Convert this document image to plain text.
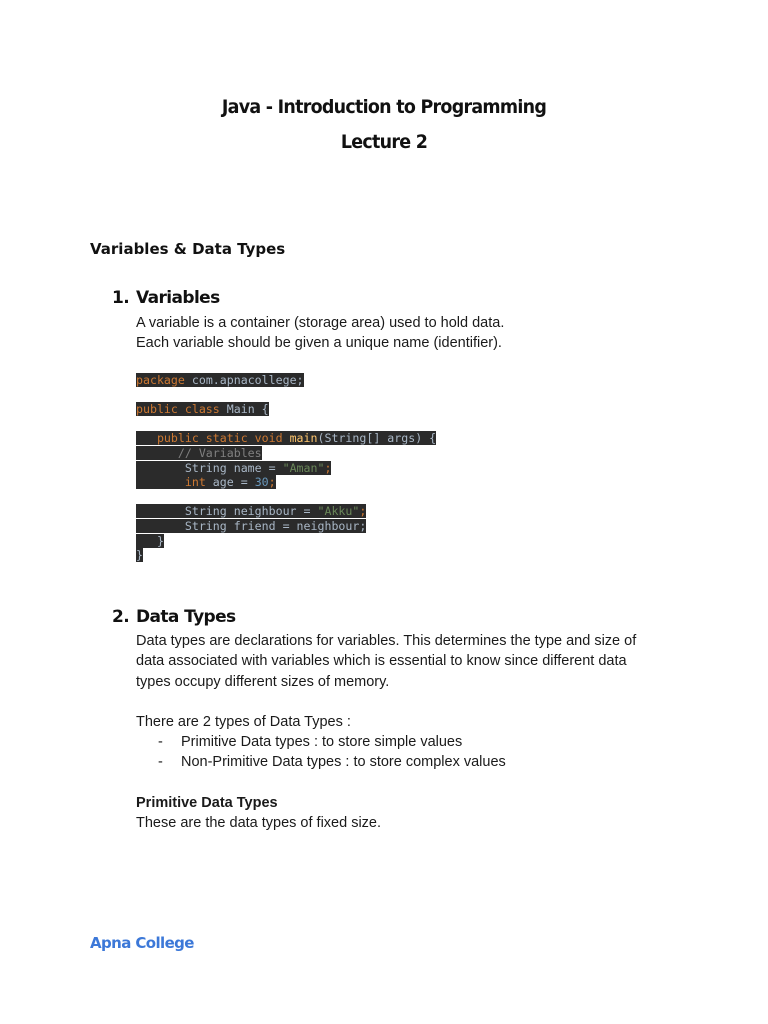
Java - Introduction to Programming
Lecture 2
Variables & Data Types
1. Variables
A variable is a container (storage area) used to hold data.
Each variable should be given a unique name (identifier).
package com.apnacollege;
public class Main {
public static void main(String[] args) {
// Variables
String name = "Aman";
int age = 30;
String neighbour = "Akku";
String friend = neighbour;
}
}
2. Data Types
Data types are declarations for variables. This determines the type and size of
data associated with variables which is essential to know since different data
types occupy different sizes of memory.
There are 2 types of Data Types :
- Primitive Data types : to store simple values
- Non-Primitive Data types : to store complex values
Primitive Data Types
These are the data types of fixed size.
Apna College
